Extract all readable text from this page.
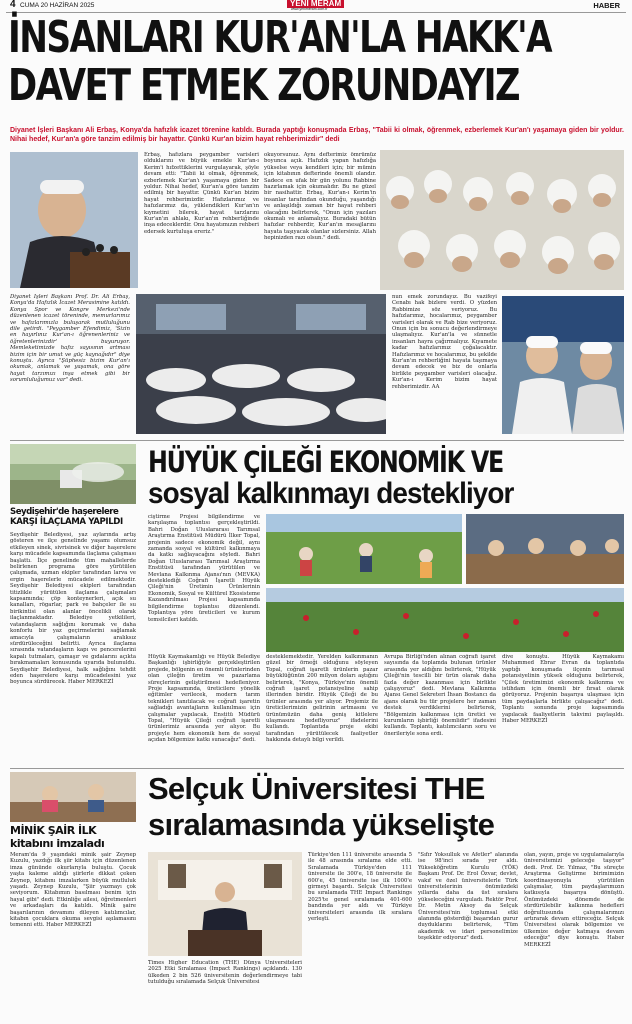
4 CUMA 20 HAZİRAN 2025	YENİ MERAM
www.yenimeram.com.tr	HABER
İNSANLARI KUR'AN'LA HAKK'A
DAVET ETMEK ZORUNDAYIZ
Diyanet İşleri Başkanı Ali Erbaş, Konya'da hafızlık icazet törenine katıldı. Burada yaptığı konuşmada Erbaş, "Tabii ki olmak, öğrenmek, ezberlemek Kur'an'ı yaşamaya giden bir yoldur. Nihai hedef, Kur'an'a göre tanzim edilmiş bir hayattır. Çünkü Kur'an bizim hayat rehberimizdir" dedi
Erbaş, hafızlara peygamber varisleri olduklarını ve büyük emekle Kur'an-ı Kerim'i hıfzettiklerini vurgulayarak, şöyle devam etti: "Tabii ki olmak, öğrenmek, ezberlemek Kur'an'ı yaşamaya giden bir yoldur. Nihai hedef, Kur'an'a göre tanzim edilmiş bir hayattır. Çünkü Kur'an bizim hayat rehberimizdir. Hafızlarımız ve hafızlarımız da, yüklendikleri Kur'an'ın kıymetini bilerek, hayat tarzlarını Kur'an'ın ahlakı, Kur'an'ın rehberliğinde inşa edeceklerdir. Onu hayatımızın rehberi edersek kurtuluşa ereriz."
okuyorsunuz. Aynı defterimiz ömrümüz boyunca açık. Hafızlık yapan hafızlığa yükselse veya kendileri için; bir mümin için kitabının defterinde önemli olandır. Sadece en ufak bir gün yolunu Rabbine hazırlamak için okumalıdır. Bu ne güzel bir nasihattir. Erbaş, Kur'an-ı Kerim'in insanlar tarafından okunduğu, yaşandığı ve anlaşıldığı zaman bir hayat rehberi olacağını belirterek, "Onun için yazıları okumalı ve anlamalıyız. Buradaki bütün hafızlar rehberdir, Kur'an'ın mesajlarını hayata taşıyacak olanlar sizlersiniz. Allah hepinizden razı olsun." dedi.
Diyanet İşleri Başkanı Prof. Dr. Ali Erbaş, Konya'da Hafızlık İcazet Merasimine katıldı. Konya Spor ve Kongre Merkezi'nde düzenlenen icazet töreninde, memurlarımız ve hafızlarımızla buluşarak mutluluğunu dile getirdi. "Peygamber Efendimiz, 'Sizin en hayırlınız Kur'an-ı öğrenenleriniz ve öğretenlerinizdir' buyuruyor. Memleketimizde hafız sayısının artması bizim için bir umut ve güç kaynağıdır" diye konuştu. Ayrıca "Şüphesiz bizim Kur'an'ı okumak, anlamak ve yaşamak, ona göre hayat tarzımızı inşa etmek gibi bir sorumluluğumuz var" dedi.
nun emek zorundayız. Bu vazifeyi Cenabı hak bizlere verdi. O yüzden Rabbimize söz veriyoruz. Bu hafızlarımız, hocalarımız, peygamber varisleri olarak ve Rab bize veriyoruz. Onun için bu sonucu değerlendirmeye ulaşmalıyız. Kur'an'la ve sünnetle insanları hayra çağırmalıyız. Kıyamete kadar hafızlarımız çoğalacaktır. Hafızlarımız ve hocalarımız, bu şekilde Kur'an'ın rehberliğini hayata taşımaya devam edecek ve biz de onlarla birlikte peygamber varisleri olacağız. Kur'an-ı Kerim bizim hayat rehberimizdir. AA
Seydişehir'de haşerelere
KARŞI İLAÇLAMA YAPILDI
Seydişehir Belediyesi, yaz aylarında artış gösteren ve ilçe genelinde yaşamı olumsuz etkileyen sinek, sivrisinek ve diğer haşerelere karşı mücadele kapsamında ilaçlama çalışması başlattı. İlçe genelinde tüm mahallelerde belirlenen programa göre yürütülen çalışmada, uzman ekipler tarafından larva ve ergin haşerelerle mücadele edilmektedir. Seydişehir Belediyesi ekipleri tarafından titizlikle yürütülen ilaçlama çalışmaları kapsamında; çöp konteynerleri, açık su kanalları, rögarlar, park ve bahçeler ile su birikintisi olan alanlar öncelikli olarak ilaçlanmaktadır. Belediye yetkilileri, vatandaşların sağlığını korumak ve daha konforlu bir yaz geçirmelerini sağlamak amacıyla çalışmaların aralıksız sürdürüleceğini belirtti. Ayrıca ilaçlama sırasında vatandaşların kapı ve pencerelerini kapalı tutmaları, çamaşır ve gıdalarını açıkta bırakmamaları konusunda uyarıda bulunuldu. Seydişehir Belediyesi, halk sağlığını tehdit eden haşerelere karşı mücadelesini yaz boyunca sürdürecek. Haber MERKEZİ
HÜYÜK ÇİLEĞİ EKONOMİK VE
sosyal kalkınmayı destekliyor
ciştirme Projesi bilgilendirme ve karşılaşma toplantısı gerçekleştirildi. Bahri Doğan Uluslararası Tarımsal Araştırma Enstitüsü Müdürü İlker Topal, projenin sadece ekonomik değil, aynı zamanda sosyal ve kültürel kalkınmaya da katkı sağlayacağını söyledi. Bahri Doğan Uluslararası Tarımsal Araştırma Enstitüsü tarafından yürütülen ve Mevlana Kalkınma Ajansı'nın (MEVKA) desteklediği Coğrafi İşaretli Hüyük Çileği'nin Üretimin Ürünlerinin Ekonomik, Sosyal ve Kültürel Ekosisteme Kazandırılması Projesi kapsamında bilgilendirme toplantısı düzenlendi. Toplantıya yöre üreticileri ve kurum temsilcileri katıldı.
Hüyük Kaymakamlığı ve Hüyük Belediye Başkanlığı işbirliğiyle gerçekleştirilen projede, bölgenin en önemli ürünlerinden olan çileğin üretim ve pazarlama süreçlerinin geliştirilmesi hedefleniyor. Proje kapsamında, üreticilere yönelik eğitimler verilecek, modern tarım teknikleri tanıtılacak ve coğrafi işaretin sağladığı avantajların kullanılması için çalışmalar yapılacak. Enstitü Müdürü Topal, "Hüyük Çileği coğrafi işaretli ürünlerimiz arasında yer alıyor. Bu projeyle hem ekonomik hem de sosyal açıdan bölgemize katkı sunacağız" dedi.
desteklemektedir. Yerelden kalkınmanın güzel bir örneği olduğunu söyleyen Topal, coğrafi işaretli ürünlerin pazar büyüklüğünün 200 milyon doları aştığını belirterek, "Konya, Türkiye'nin önemli coğrafi işaret potansiyeline sahip illerinden biridir. Hüyük Çileği de bu ürünler arasında yer alıyor. Projemiz ile üreticilerimizin gelirinin artmasını ve ürünümüzün daha geniş kitlelere ulaşmasını hedefliyoruz" ifadelerini kullandı. Toplantıda proje ekibi tarafından yürütülecek faaliyetler hakkında detaylı bilgi verildi.
Avrupa Birliği'nden alınan coğrafi işaret sayısında da toplamda bulunan ürünler arasında yer aldığını belirterek, "Hüyük Çileği'nin tescilli bir ürün olarak daha fazla değer kazanması için birlikte çalışıyoruz" dedi. Mevlana Kalkınma Ajansı Genel Sekreteri İhsan Bostancı da ajans olarak bu tür projelere her zaman destek verdiklerini belirterek, "Bölgemizin kalkınması için üretici ve kurumların işbirliği önemlidir" ifadesini kullandı. Toplantı, katılımcıların soru ve önerileriyle sona erdi.
dive konuştu. Hüyük Kaymakamı Muhammed Ebrar Evran da toplantıda yaptığı konuşmada ilçenin tarımsal potansiyelinin yüksek olduğunu belirterek, "Çilek üretimimizi ekonomik kalkınma ve istihdam için önemli bir fırsat olarak görüyoruz. Projenin başarıya ulaşması için tüm paydaşlarla birlikte çalışacağız" dedi. Toplantı sonunda proje kapsamında yapılacak faaliyetlerin takvimi paylaşıldı. Haber MERKEZİ
MİNİK ŞAİR İLK
kitabını imzaladı
Meram'da 9 yaşındaki minik şair Zeynep Kuzulu, yazdığı ilk şiir kitabı için düzenlenen imza gününde okurlarıyla buluştu. Çocuk yaşta kaleme aldığı şiirlerle dikkat çeken Zeynep, kitabını imzalarken büyük mutluluk yaşadı. Zeynep Kuzulu, "Şiir yazmayı çok seviyorum. Kitabımın basılması benim için hayal gibi" dedi. Etkinliğe ailesi, öğretmenleri ve arkadaşları da katıldı. Minik şaire başarılarının devamını dileyen katılımcılar, kitabın çocuklara okuma sevgisi aşılamasını temenni etti. Haber MERKEZİ
Selçuk Üniversitesi THE
sıralamasında yükselişte
Times Higher Education (THE) Dünya Üniversiteleri 2025 Etki Sıralaması (Impact Rankings) açıklandı. 130 ülkeden 2 bin 526 üniversitenin değerlendirmeye tabi tutulduğu sıralamada Selçuk Üniversitesi
Türkiye'den 111 üniversite arasında 5 ile 48 arasında sıralama elde etti. Sıralamada Türkiye'den 111 üniversite ile 300'e, 18 üniversite ile 600'e, 45 üniversite ise ilk 1000'e girmeyi başardı. Selçuk Üniversitesi bu sıralamada THE Impact Rankings 2025'te genel sıralamada 401-600 bandında yer aldı ve Türkiye üniversiteleri arasında ilk sıralara yerleşti.
"Sıfır Yoksulluk ve Afetler" alanında ise 98'inci sırada yer aldı. Yükseköğretim Kurulu (YÖK) Başkanı Prof. Dr. Erol Özvar, devlet, vakıf ve özel üniversitelerle Türk üniversitelerinin önümüzdeki yıllarda daha da üst sıralara yükseleceğini vurguladı. Rektör Prof. Dr. Metin Aksoy da Selçuk Üniversitesi'nin toplumsal etki alanında gösterdiği başarıdan gurur duyduklarını belirterek, "Tüm akademik ve idari personelimize teşekkür ediyoruz" dedi.
olan, yayın, proje ve uygulamalarıyla üniversitemizi geleceğe taşıyor" dedi. Prof. Dr. Yılmaz, "Bu süreçte Araştırma Geliştirme birimimizin koordinasyonuyla yürütülen çalışmalar, tüm paydaşlarımızın katkısıyla başarıya dönüştü. Önümüzdeki dönemde de sürdürülebilir kalkınma hedefleri doğrultusunda çalışmalarımızı artırarak devam ettireceğiz. Selçuk Üniversitesi olarak bölgemize ve ülkemize değer katmaya devam edeceğiz" diye konuştu. Haber MERKEZİ
